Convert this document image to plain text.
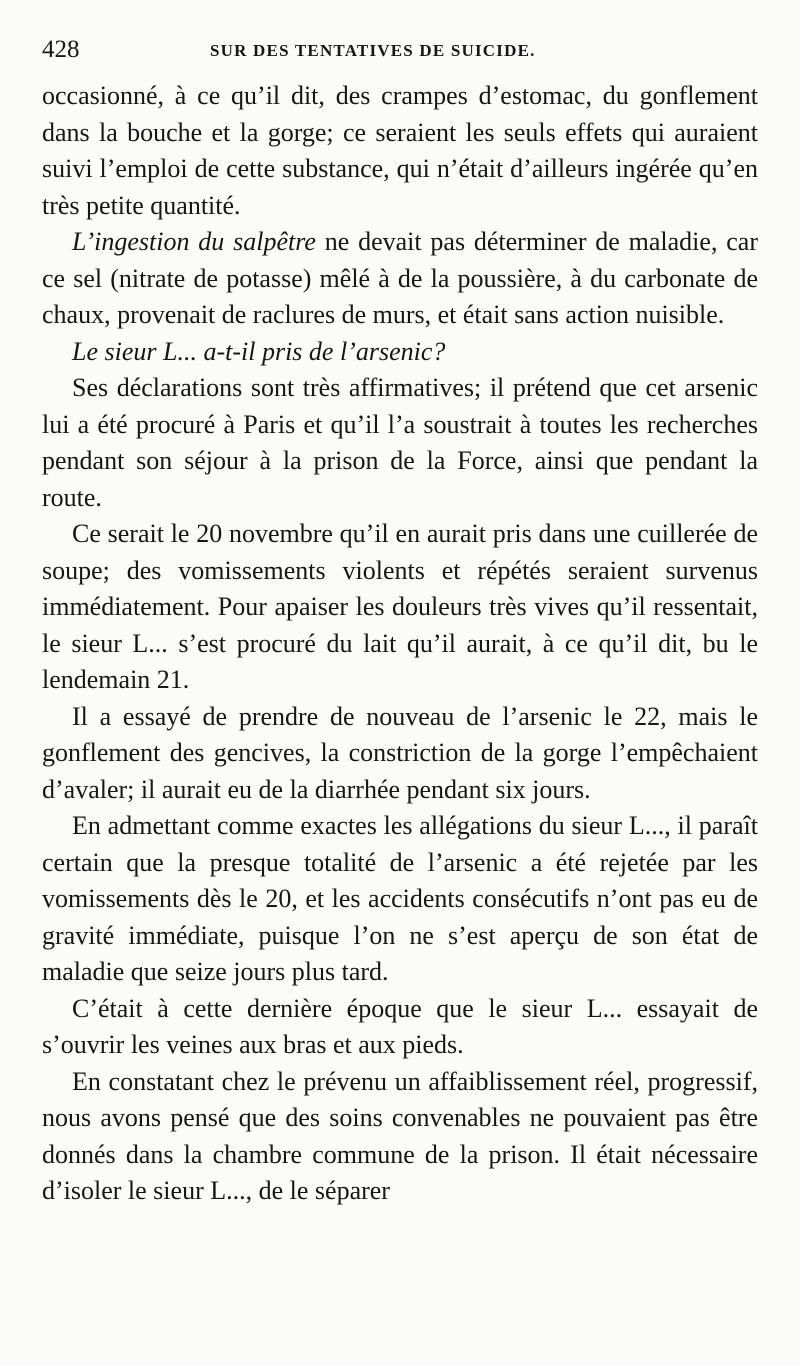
428	SUR DES TENTATIVES DE SUICIDE.

occasionné, à ce qu’il dit, des crampes d’estomac, du gonflement dans la bouche et la gorge; ce seraient les seuls effets qui auraient suivi l’emploi de cette substance, qui n’était d’ailleurs ingérée qu’en très petite quantité.

L’ingestion du salpêtre ne devait pas déterminer de maladie, car ce sel (nitrate de potasse) mêlé à de la poussière, à du carbonate de chaux, provenait de raclures de murs, et était sans action nuisible.

Le sieur L... a-t-il pris de l’arsenic?

Ses déclarations sont très affirmatives; il prétend que cet arsenic lui a été procuré à Paris et qu’il l’a soustrait à toutes les recherches pendant son séjour à la prison de la Force, ainsi que pendant la route.

Ce serait le 20 novembre qu’il en aurait pris dans une cuillerée de soupe; des vomissements violents et répétés seraient survenus immédiatement. Pour apaiser les douleurs très vives qu’il ressentait, le sieur L... s’est procuré du lait qu’il aurait, à ce qu’il dit, bu le lendemain 21.

Il a essayé de prendre de nouveau de l’arsenic le 22, mais le gonflement des gencives, la constriction de la gorge l’empêchaient d’avaler; il aurait eu de la diarrhée pendant six jours.

En admettant comme exactes les allégations du sieur L..., il paraît certain que la presque totalité de l’arsenic a été rejetée par les vomissements dès le 20, et les accidents consécutifs n’ont pas eu de gravité immédiate, puisque l’on ne s’est aperçu de son état de maladie que seize jours plus tard.

C’était à cette dernière époque que le sieur L... essayait de s’ouvrir les veines aux bras et aux pieds.

En constatant chez le prévenu un affaiblissement réel, progressif, nous avons pensé que des soins convenables ne pouvaient pas être donnés dans la chambre commune de la prison. Il était nécessaire d’isoler le sieur L..., de le séparer
